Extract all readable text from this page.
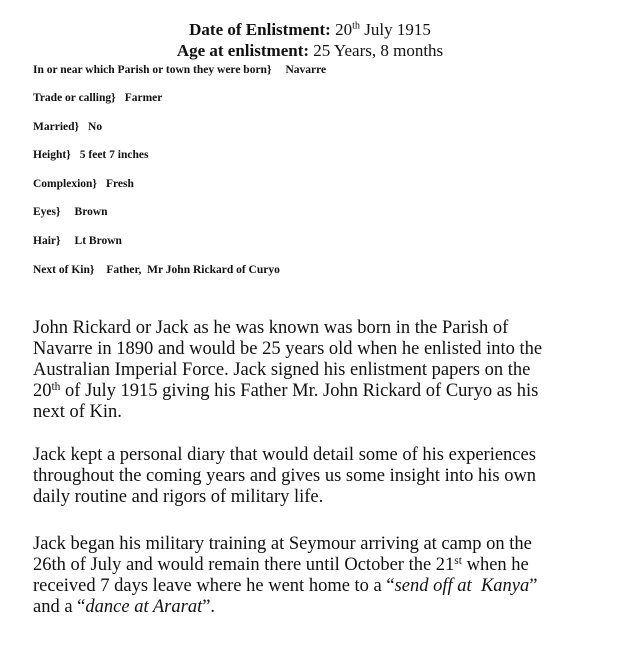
Date of Enlistment: 20th July 1915
Age at enlistment: 25 Years, 8 months
In or near which Parish or town they were born} Navarre
Trade or calling} Farmer
Married} No
Height} 5 feet 7 inches
Complexion} Fresh
Eyes} Brown
Hair} Lt Brown
Next of Kin} Father,  Mr John Rickard of Curyo

John Rickard or Jack as he was known was born in the Parish of

Navarre in 1890 and would be 25 years old when he enlisted into the

Australian Imperial Force. Jack signed his enlistment papers on the

20th of July 1915 giving his Father Mr. John Rickard of Curyo as his

next of Kin.

Jack kept a personal diary that would detail some of his experiences

throughout the coming years and gives us some insight into his own

daily routine and rigors of military life.

Jack began his military training at Seymour arriving at camp on the

26th of July and would remain there until October the 21st when he

received 7 days leave where he went home to a “send off at  Kanya”

and a “dance at Ararat”.
